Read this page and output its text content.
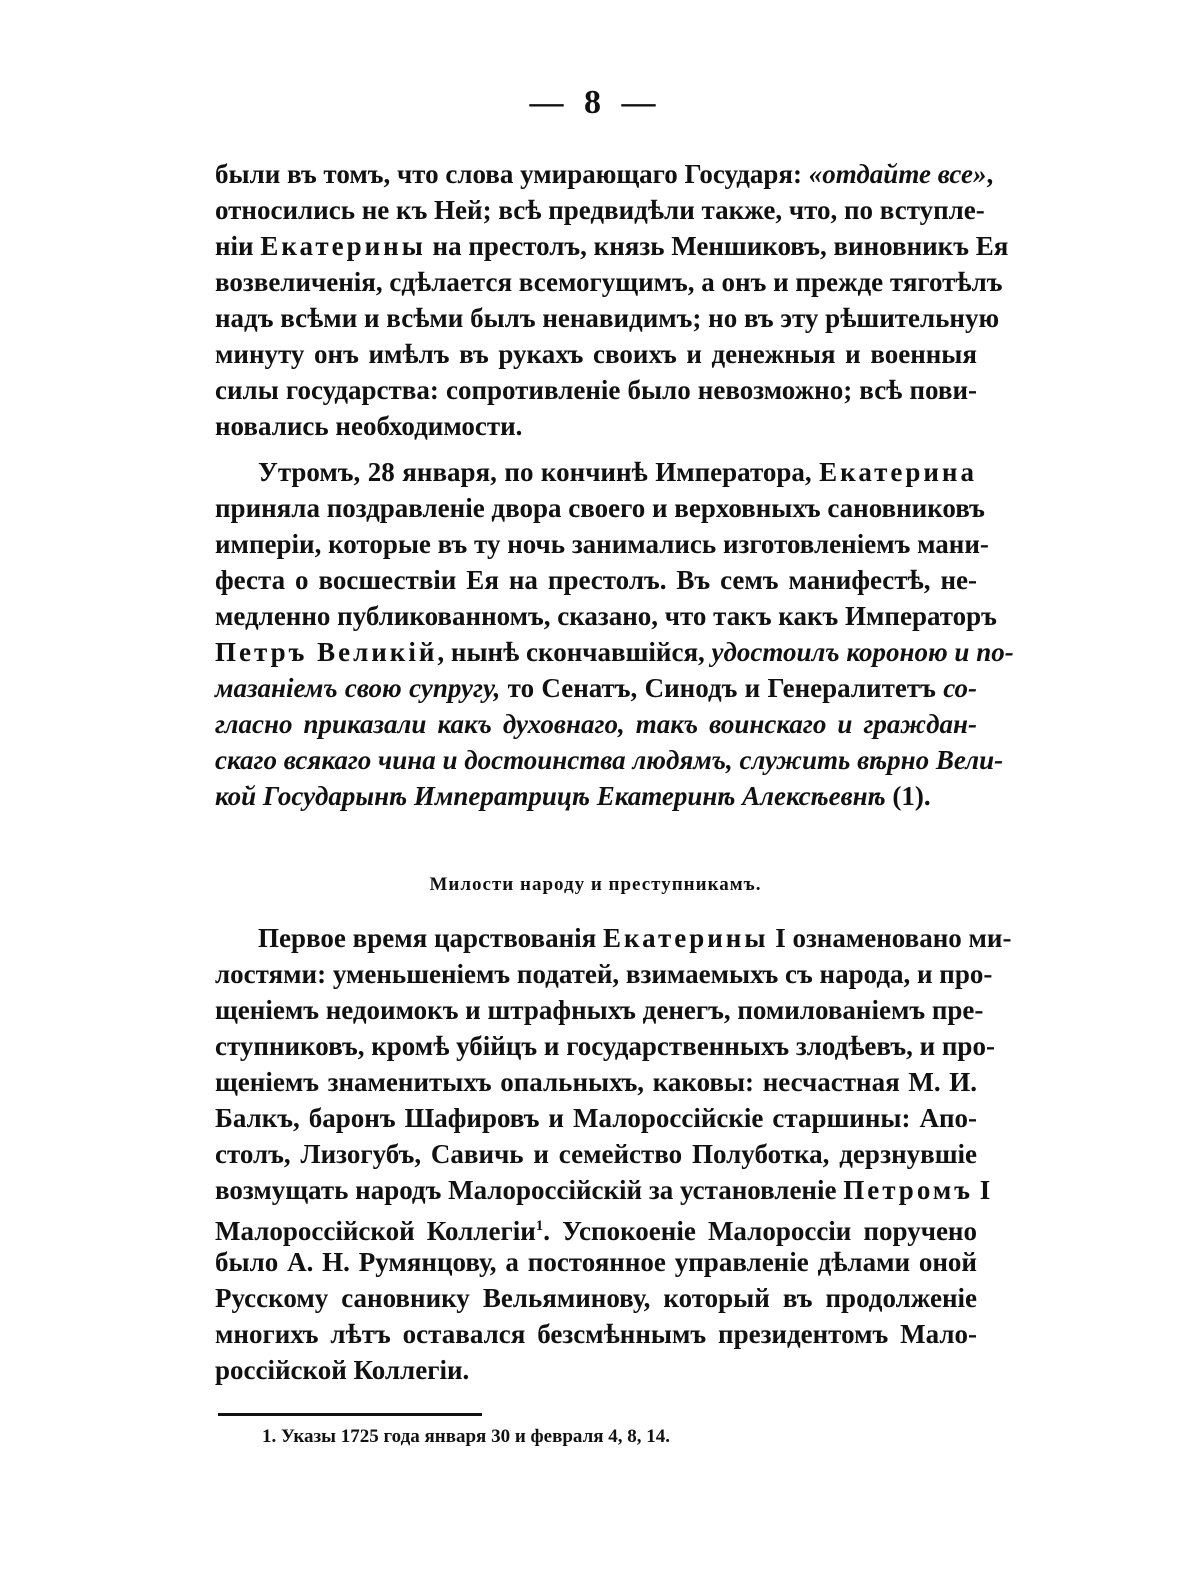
— 8 —
были въ томъ, что слова умирающаго Государя: «отдайте все»,
относились не къ Ней; всѣ предвидѣли также, что, по вступле-
ніи Екатерины на престолъ, князь Меншиковъ, виновникъ Ея
возвеличенія, сдѣлается всемогущимъ, а онъ и прежде тяготѣлъ
надъ всѣми и всѣми былъ ненавидимъ; но въ эту рѣшительную
минуту онъ имѣлъ въ рукахъ своихъ и денежныя и военныя
силы государства: сопротивленіе было невозможно; всѣ пови-
новались необходимости.
Утромъ, 28 января, по кончинѣ Императора, Екатерина
приняла поздравленіе двора своего и верховныхъ сановниковъ
имперіи, которые въ ту ночь занимались изготовленіемъ мани-
феста о восшествіи Ея на престолъ. Въ семъ манифестѣ, не-
медленно публикованномъ, сказано, что такъ какъ Императоръ
Петръ Великій, нынѣ скончавшійся, удостоилъ короною и по-
мазаніемъ свою супругу, то Сенатъ, Синодъ и Генералитетъ со-
гласно приказали какъ духовнаго, такъ воинскаго и граждан-
скаго всякаго чина и достоинства людямъ, служить вѣрно Вели-
кой Государынѣ Императрицѣ Екатеринѣ Алексѣевнѣ (1).
Милости народу и преступникамъ.
Первое время царствованія Екатерины I ознаменовано ми-
лостями: уменьшеніемъ податей, взимаемыхъ съ народа, и про-
щеніемъ недоимокъ и штрафныхъ денегъ, помилованіемъ пре-
ступниковъ, кромѣ убійцъ и государственныхъ злодѣевъ, и про-
щеніемъ знаменитыхъ опальныхъ, каковы: несчастная М. И.
Балкъ, баронъ Шафировъ и Малороссійскіе старшины: Апо-
столъ, Лизогубъ, Савичь и семейство Полуботка, дерзнувшіе
возмущать народъ Малороссійскій за установленіе Петромъ I
Малороссійской Коллегіи$^1$. Успокоеніе Малороссіи поручено
было А. Н. Румянцову, а постоянное управленіе дѣлами оной
Русскому сановнику Вельяминову, который въ продолженіе
многихъ лѣтъ оставался безсмѣннымъ президентомъ Мало-
россійской Коллегіи.
1. Указы 1725 года января 30 и февраля 4, 8, 14.
